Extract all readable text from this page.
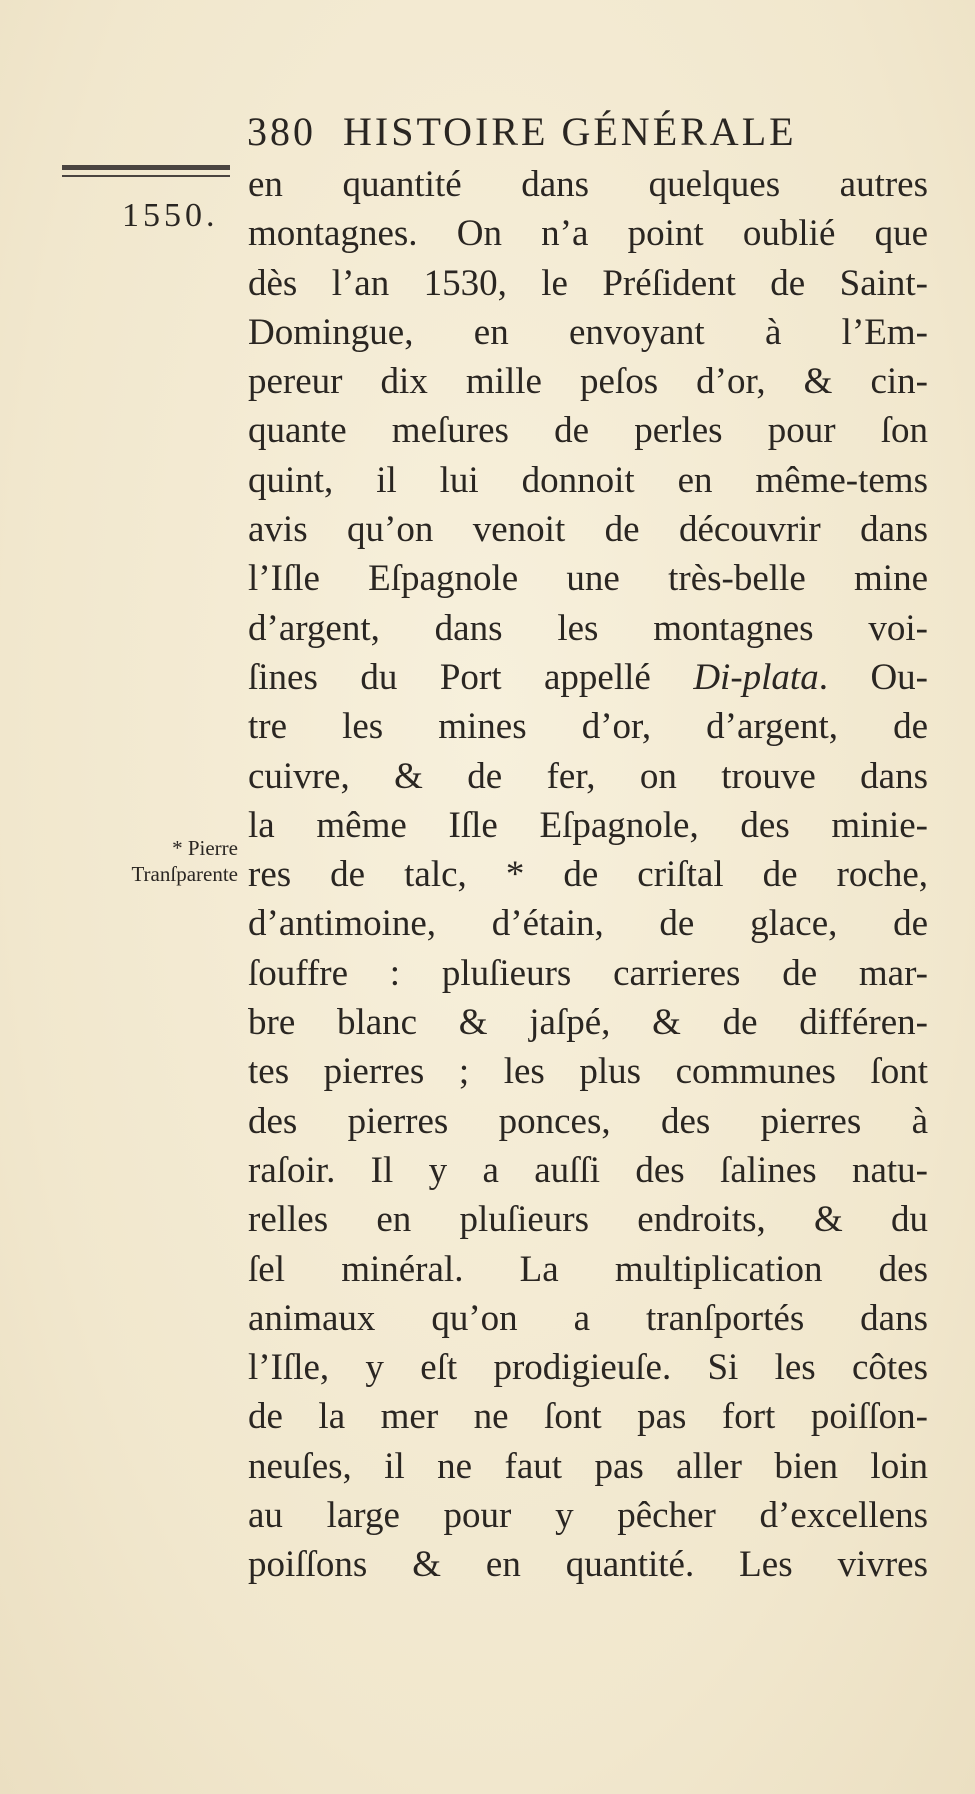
380 HISTOIRE GÉNÉRALE
1550.
* Pierre
Tranſparente
en quantité dans quelques autres
montagnes. On n’a point oublié que
dès l’an 1530, le Préſident de Saint-
Domingue, en envoyant à l’Em-
pereur dix mille peſos d’or, & cin-
quante meſures de perles pour ſon
quint, il lui donnoit en même-tems
avis qu’on venoit de découvrir dans
l’Iſle Eſpagnole une très-belle mine
d’argent, dans les montagnes voi-
ſines du Port appellé Di-plata. Ou-
tre les mines d’or, d’argent, de
cuivre, & de fer, on trouve dans
la même Iſle Eſpagnole, des minie-
res de talc, * de criſtal de roche,
d’antimoine, d’étain, de glace, de
ſouffre : pluſieurs carrieres de mar-
bre blanc & jaſpé, & de différen-
tes pierres ; les plus communes ſont
des pierres ponces, des pierres à
raſoir. Il y a auſſi des ſalines natu-
relles en pluſieurs endroits, & du
ſel minéral. La multiplication des
animaux qu’on a tranſportés dans
l’Iſle, y eſt prodigieuſe. Si les côtes
de la mer ne ſont pas fort poiſſon-
neuſes, il ne faut pas aller bien loin
au large pour y pêcher d’excellens
poiſſons & en quantité. Les vivres
